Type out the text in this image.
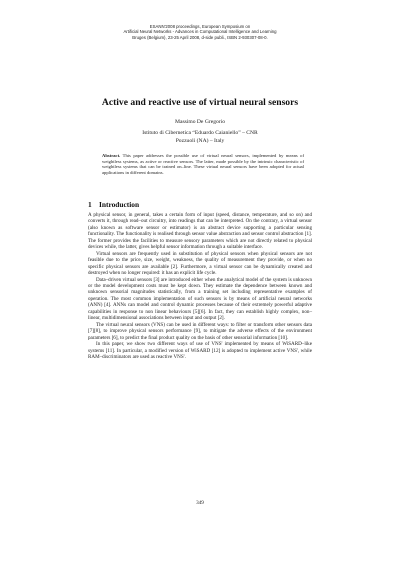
ESANN'2008 proceedings, European Symposium on
Artificial Neural Networks - Advances in Computational Intelligence and Learning
Bruges (Belgium), 23-25 April 2008, d-side publi., ISBN 2-930307-08-0.
Active and reactive use of virtual neural sensors
Massimo De Gregorio
Istituto di Cibernetica “Eduardo Caianiello” – CNR
Pozzuoli (NA) – Italy

Abstract. This paper addresses the possible use of virtual neural sensors, implemented by means of weightless systems, as active or reactive sensors. The latter, made possible by the intrinsic characteristic of weightless systems that can be trained on–line. These virtual neural sensors have been adopted for actual applications in different domains.

1 Introduction

A physical sensor, in general, takes a certain form of input (speed, distance, temperature, and so on) and converts it, through read–out circuitry, into readings that can be interpreted. On the contrary, a virtual sensor (also known as software sensor or estimator) is an abstract device supporting a particular sensing functionality. The functionality is realised through sensor value abstraction and sensor control abstraction [1]. The former provides the facilities to measure sensory parameters which are not directly related to physical devices while, the latter, gives helpful sensor information through a suitable interface.

Virtual sensors are frequently used in substitution of physical sensors when physical sensors are not feasible due to the price, size, weight, weakness, the quality of measurement they provide, or when no specific physical sensors are available [2]. Furthermore, a virtual sensor can be dynamically created and destroyed when no longer required: it has an explicit life cycle.

Data–driven virtual sensors [3] are introduced either when the analytical model of the system is unknown or the model development costs must be kept down. They estimate the dependence between known and unknown sensorial magnitudes statistically, from a training set including representative examples of operation. The most common implementation of such sensors is by means of artificial neural networks (ANN) [4]. ANNs can model and control dynamic processes because of their extremely powerful adaptive capabilities in response to non linear behaviours [5][6]. In fact, they can establish highly complex, non–linear, multidimensional associations between input and output [2].

The virtual neural sensors (VNS) can be used in different ways: to filter or transform other sensors data [7][8], to improve physical sensors performance [9], to mitigate the adverse effects of the environment parameters [6], to predict the final product quality on the basis of other sensorial information [10].

In this paper, we show two different ways of use of VNS' implemented by means of WiSARD–like systems [11]. In particular, a modified version of WiSARD [12] is adopted to implement active VNS', while RAM–discriminators are used as reactive VNS'.

349
